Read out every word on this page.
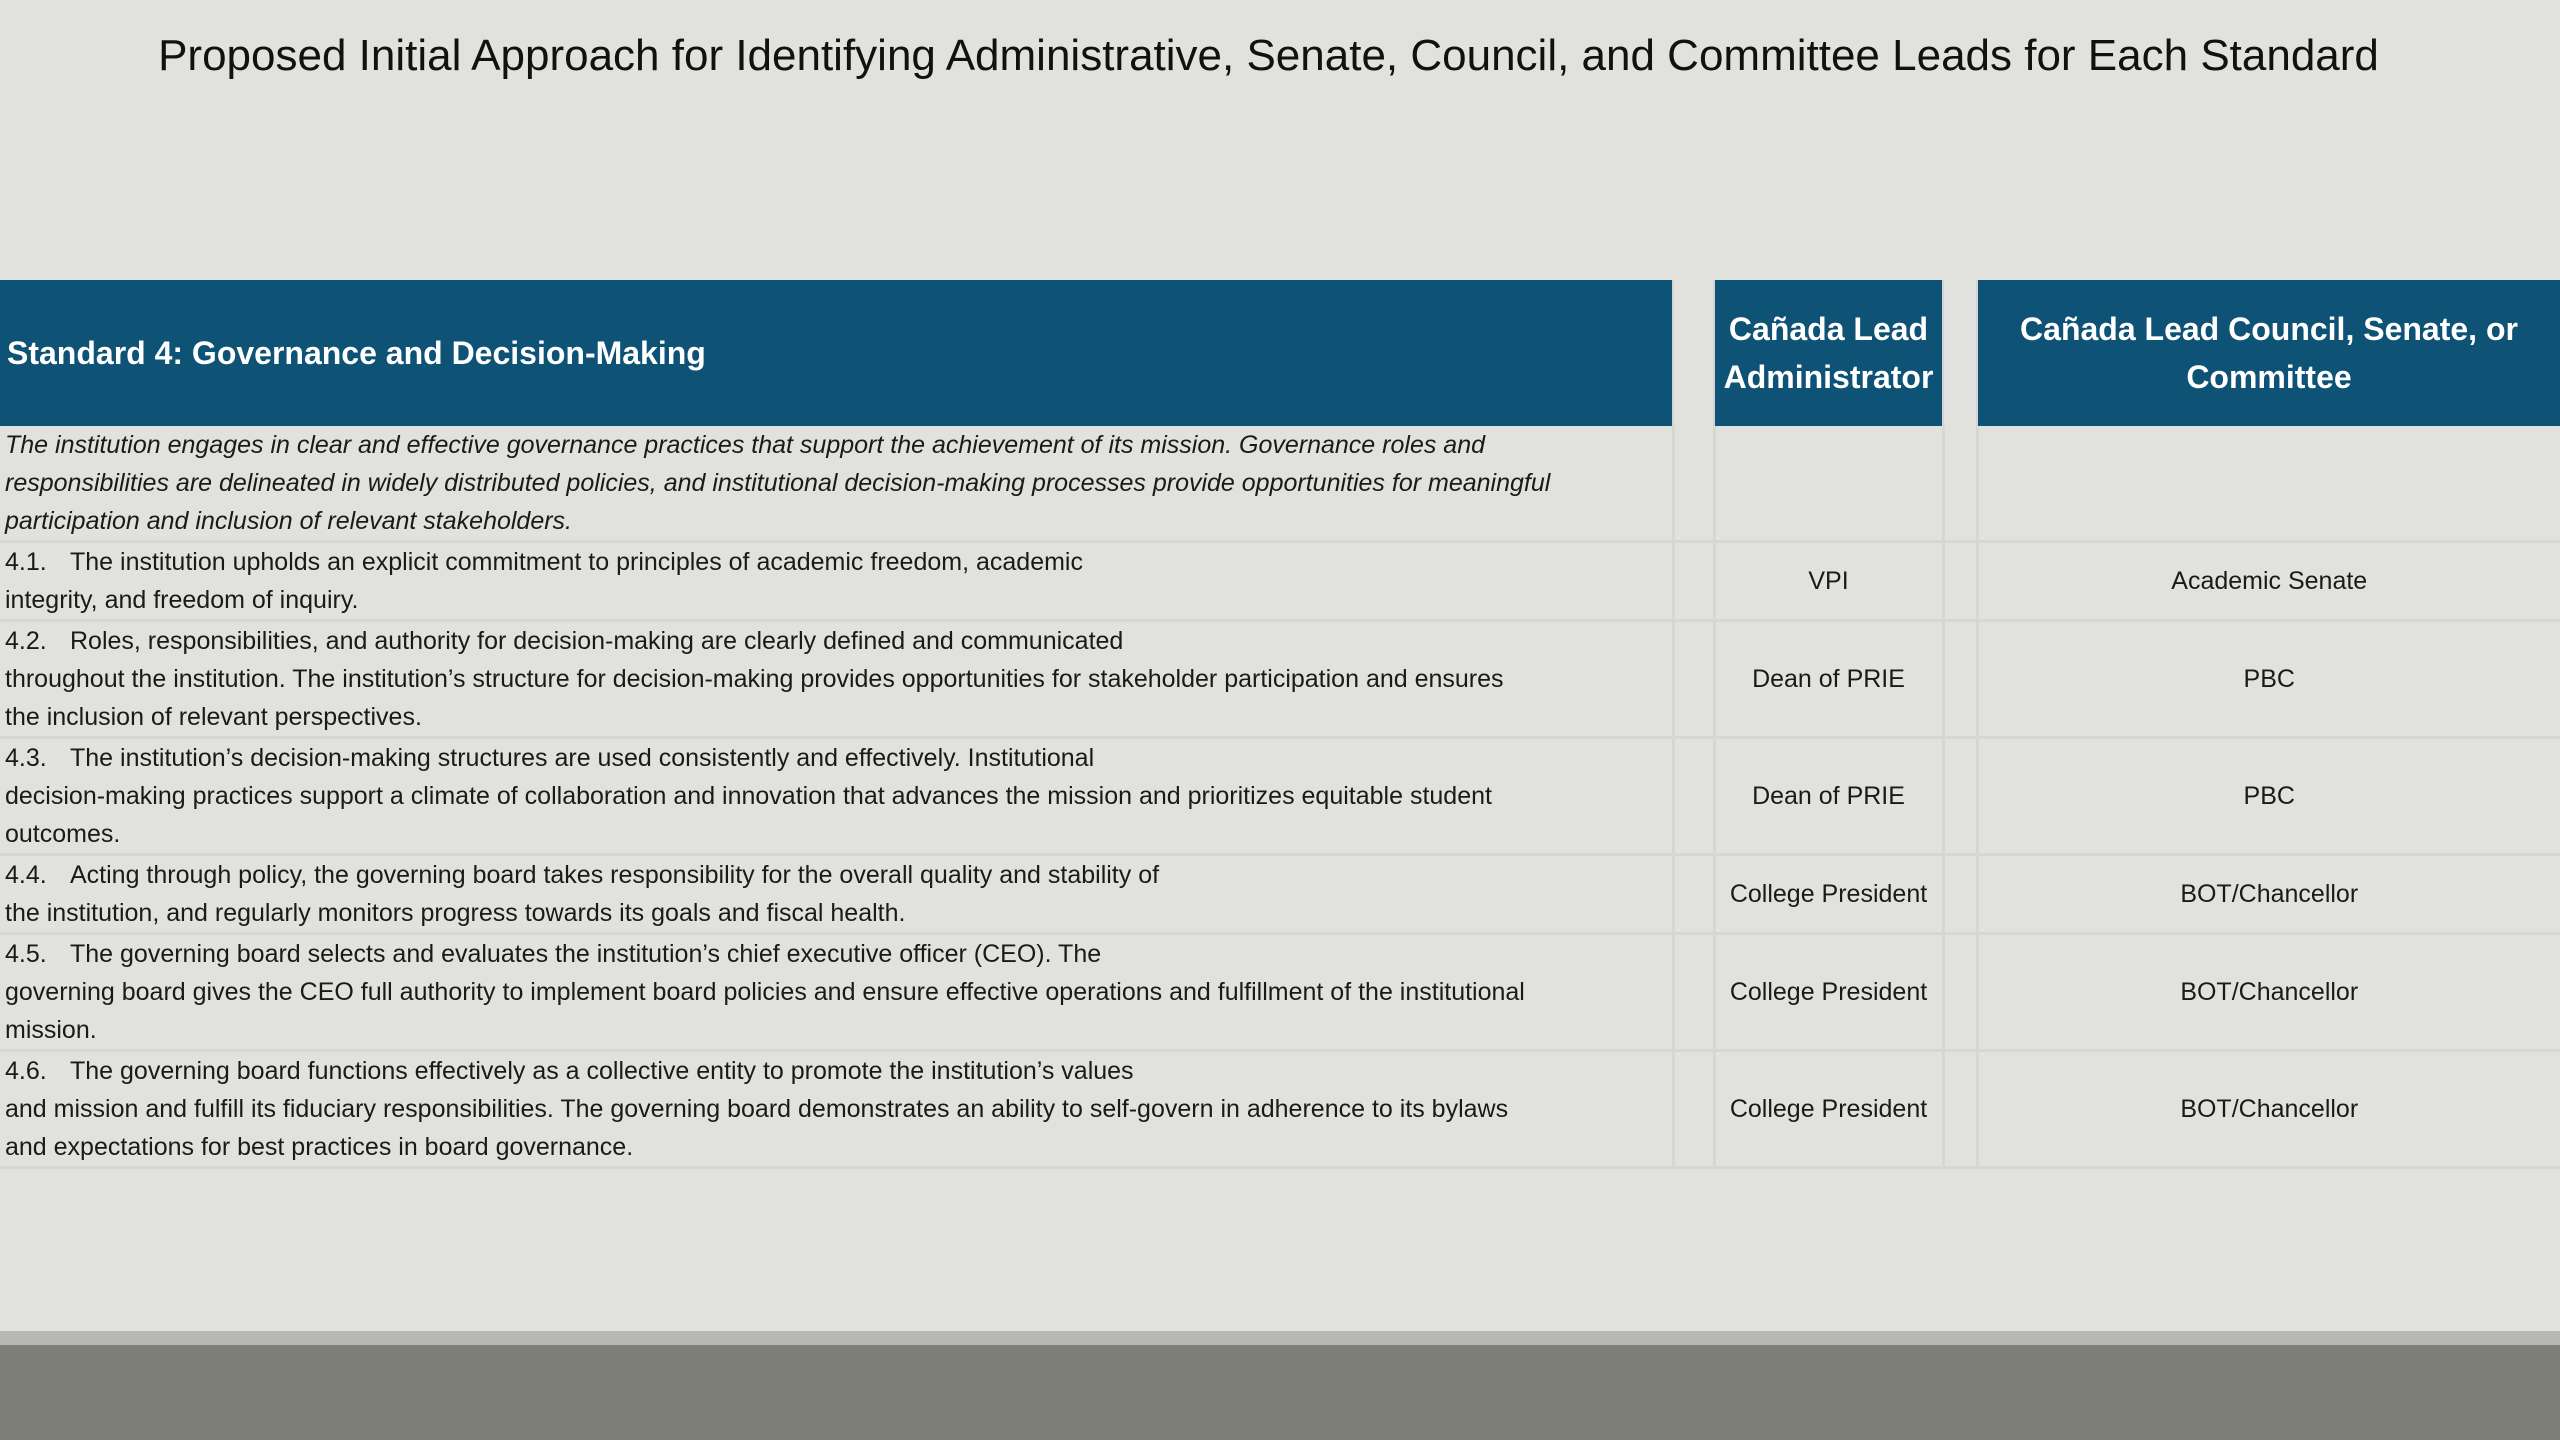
Proposed Initial Approach for Identifying Administrative, Senate, Council, and Committee Leads for Each Standard
Standard 4: Governance and Decision-Making		Cañada Lead
Administrator		Cañada Lead Council, Senate, or
Committee
The institution engages in clear and effective governance practices that support the achievement of its mission. Governance roles and
responsibilities are delineated in widely distributed policies, and institutional decision-making processes provide opportunities for meaningful
participation and inclusion of relevant stakeholders.				
4.1. The institution upholds an explicit commitment to principles of academic freedom, academic
integrity, and freedom of inquiry.		VPI		Academic Senate
4.2. Roles, responsibilities, and authority for decision-making are clearly defined and communicated
throughout the institution. The institution’s structure for decision-making provides opportunities for stakeholder participation and ensures
the inclusion of relevant perspectives.		Dean of PRIE		PBC
4.3. The institution’s decision-making structures are used consistently and effectively. Institutional
decision-making practices support a climate of collaboration and innovation that advances the mission and prioritizes equitable student
outcomes.		Dean of PRIE		PBC
4.4. Acting through policy, the governing board takes responsibility for the overall quality and stability of
the institution, and regularly monitors progress towards its goals and fiscal health.		College President		BOT/Chancellor
4.5. The governing board selects and evaluates the institution’s chief executive officer (CEO). The
governing board gives the CEO full authority to implement board policies and ensure effective operations and fulfillment of the institutional
mission.		College President		BOT/Chancellor
4.6. The governing board functions effectively as a collective entity to promote the institution’s values
and mission and fulfill its fiduciary responsibilities. The governing board demonstrates an ability to self-govern in adherence to its bylaws
and expectations for best practices in board governance.		College President		BOT/Chancellor
